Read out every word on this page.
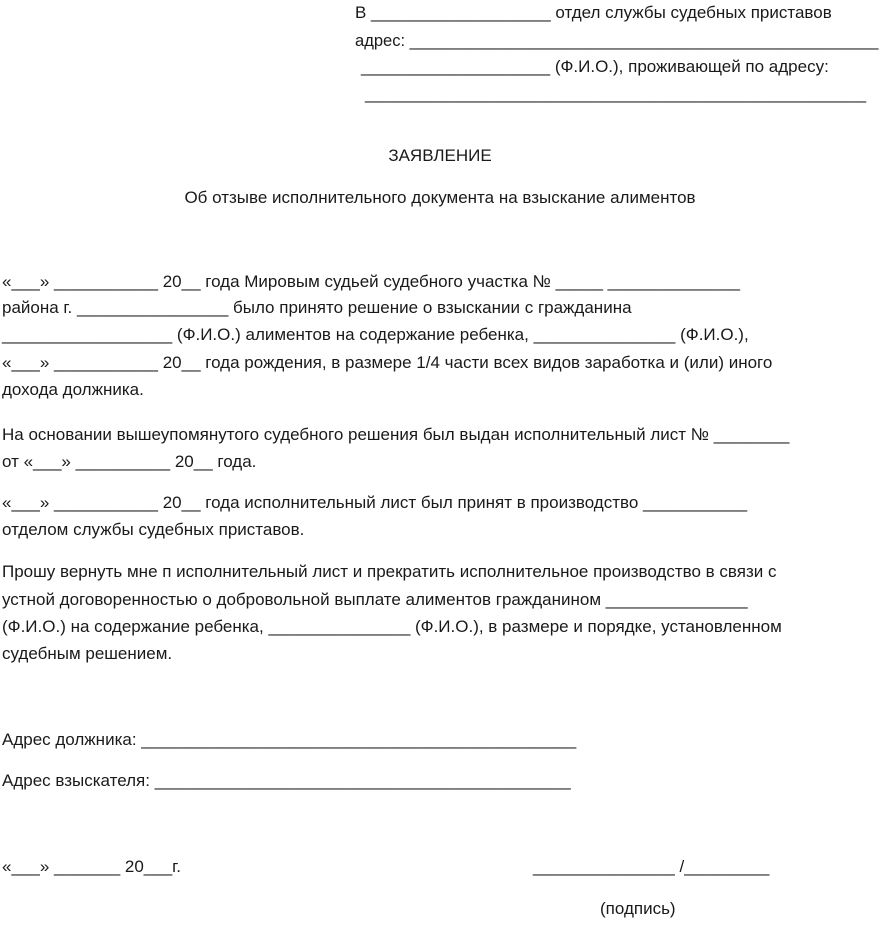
В ___________________ отдел службы судебных приставов

адрес: ___________________________________________________

____________________ (Ф.И.О.), проживающей по адресу:

_____________________________________________________

ЗАЯВЛЕНИЕ

Об отзыве исполнительного документа на взыскание алиментов

«___» ___________ 20__ года Мировым судьей судебного участка № _____ ______________

района г. ________________ было принято решение о взыскании с гражданина

__________________ (Ф.И.О.) алиментов на содержание ребенка, _______________ (Ф.И.О.),

«___» ___________ 20__ года рождения, в размере 1/4 части всех видов заработка и (или) иного

дохода должника.

На основании вышеупомянутого судебного решения был выдан исполнительный лист № ________

от «___» __________ 20__ года.

«___» ___________ 20__ года исполнительный лист был принят в производство ___________

отделом службы судебных приставов.

Прошу вернуть мне п исполнительный лист и прекратить исполнительное производство в связи с

устной договоренностью о добровольной выплате алиментов гражданином _______________

(Ф.И.О.) на содержание ребенка, _______________ (Ф.И.О.), в размере и порядке, установленном

судебным решением.

Адрес должника: ______________________________________________

Адрес взыскателя: ____________________________________________

«___» _______ 20___г.	_______________ /_________

(подпись)
